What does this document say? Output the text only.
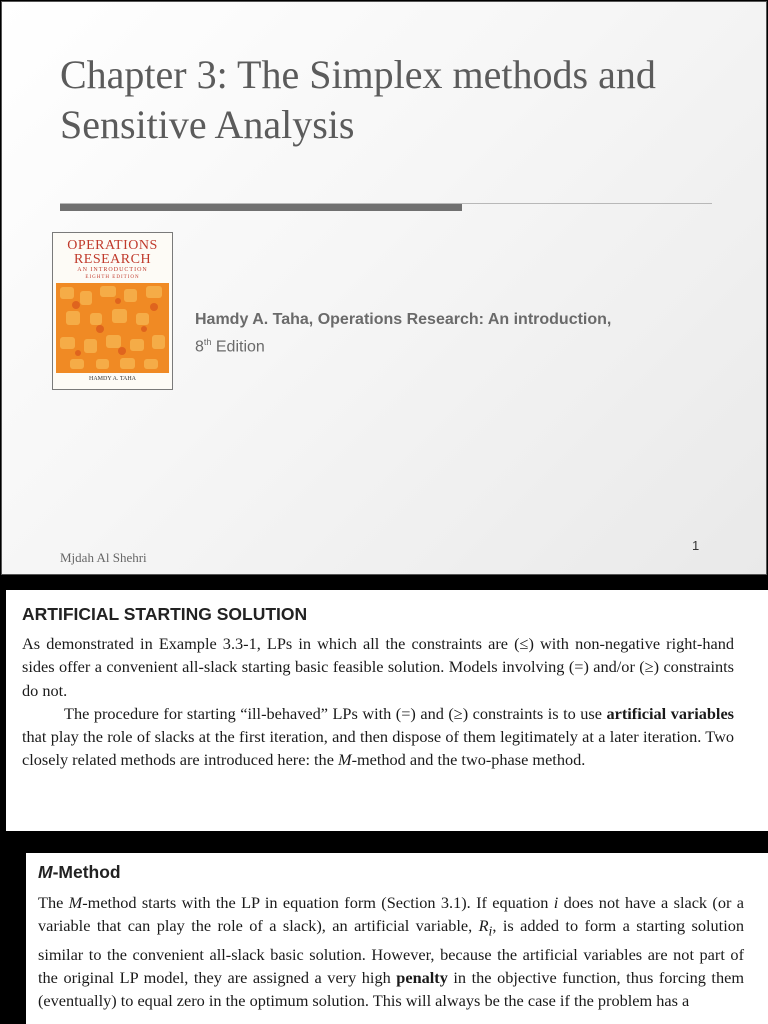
Chapter 3: The Simplex methods and Sensitive Analysis
OPERATIONS
RESEARCH
AN INTRODUCTION
EIGHTH EDITION
HAMDY A. TAHA
Hamdy A. Taha, Operations Research: An introduction,
8th Edition
Mjdah Al Shehri
1
ARTIFICIAL STARTING SOLUTION

As demonstrated in Example 3.3-1, LPs in which all the constraints are (≤) with non-negative right-hand sides offer a convenient all-slack starting basic feasible solution. Models involving (=) and/or (≥) constraints do not.

The procedure for starting “ill-behaved” LPs with (=) and (≥) constraints is to use artificial variables that play the role of slacks at the first iteration, and then dispose of them legitimately at a later iteration. Two closely related methods are introduced here: the M-method and the two-phase method.

M-Method

The M-method starts with the LP in equation form (Section 3.1). If equation i does not have a slack (or a variable that can play the role of a slack), an artificial variable, $R_i$, is added to form a starting solution similar to the convenient all-slack basic solution. However, because the artificial variables are not part of the original LP model, they are assigned a very high penalty in the objective function, thus forcing them (eventually) to equal zero in the optimum solution. This will always be the case if the problem has a
